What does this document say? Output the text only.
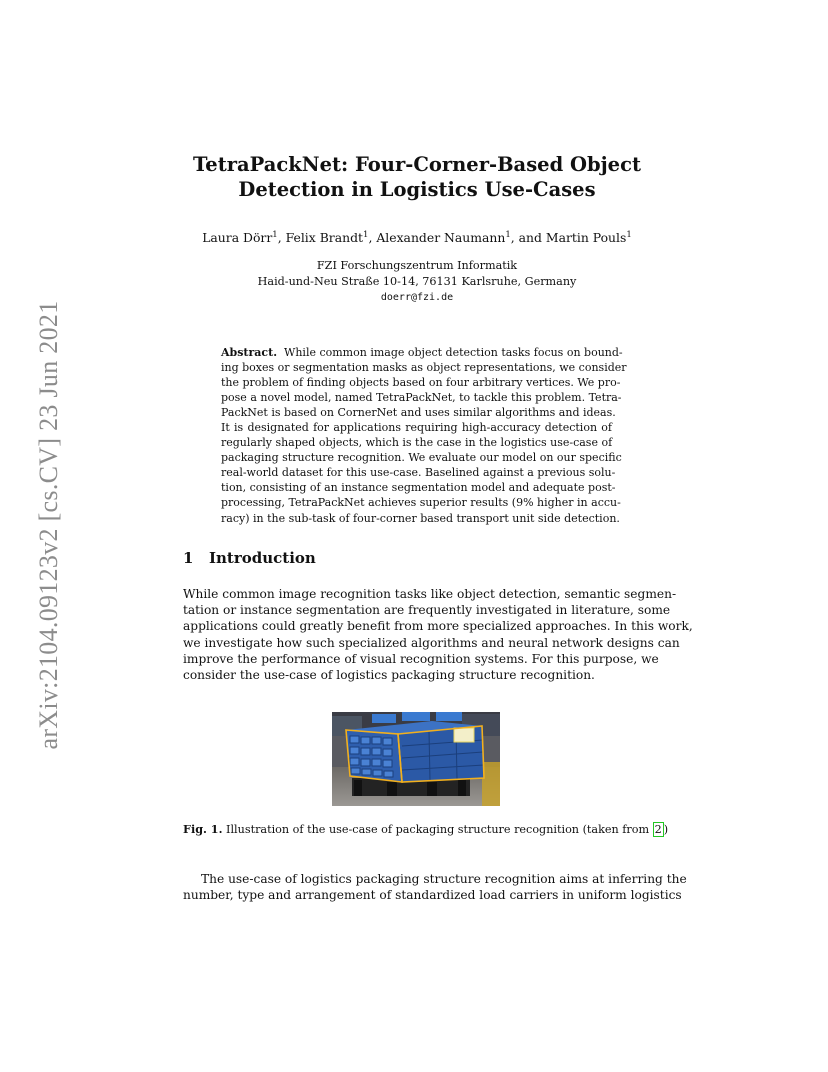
arXiv:2104.09123v2 [cs.CV] 23 Jun 2021
TetraPackNet: Four-Corner-Based Object
Detection in Logistics Use-Cases
Laura Dörr$^1$, Felix Brandt$^1$, Alexander Naumann$^1$, and Martin Pouls$^1$
FZI Forschungszentrum Informatik
Haid-und-Neu Straße 10-14, 76131 Karlsruhe, Germany
doerr@fzi.de
Abstract. While common image object detection tasks focus on bound-
ing boxes or segmentation masks as object representations, we consider
the problem of finding objects based on four arbitrary vertices. We pro-
pose a novel model, named TetraPackNet, to tackle this problem. Tetra-
PackNet is based on CornerNet and uses similar algorithms and ideas.
It is designated for applications requiring high-accuracy detection of
regularly shaped objects, which is the case in the logistics use-case of
packaging structure recognition. We evaluate our model on our specific
real-world dataset for this use-case. Baselined against a previous solu-
tion, consisting of an instance segmentation model and adequate post-
processing, TetraPackNet achieves superior results (9% higher in accu-
racy) in the sub-task of four-corner based transport unit side detection.
1 Introduction
While common image recognition tasks like object detection, semantic segmen-
tation or instance segmentation are frequently investigated in literature, some
applications could greatly benefit from more specialized approaches. In this work,
we investigate how such specialized algorithms and neural network designs can
improve the performance of visual recognition systems. For this purpose, we
consider the use-case of logistics packaging structure recognition.
Fig. 1. Illustration of the use-case of packaging structure recognition (taken from 2 )
The use-case of logistics packaging structure recognition aims at inferring the
number, type and arrangement of standardized load carriers in uniform logistics
